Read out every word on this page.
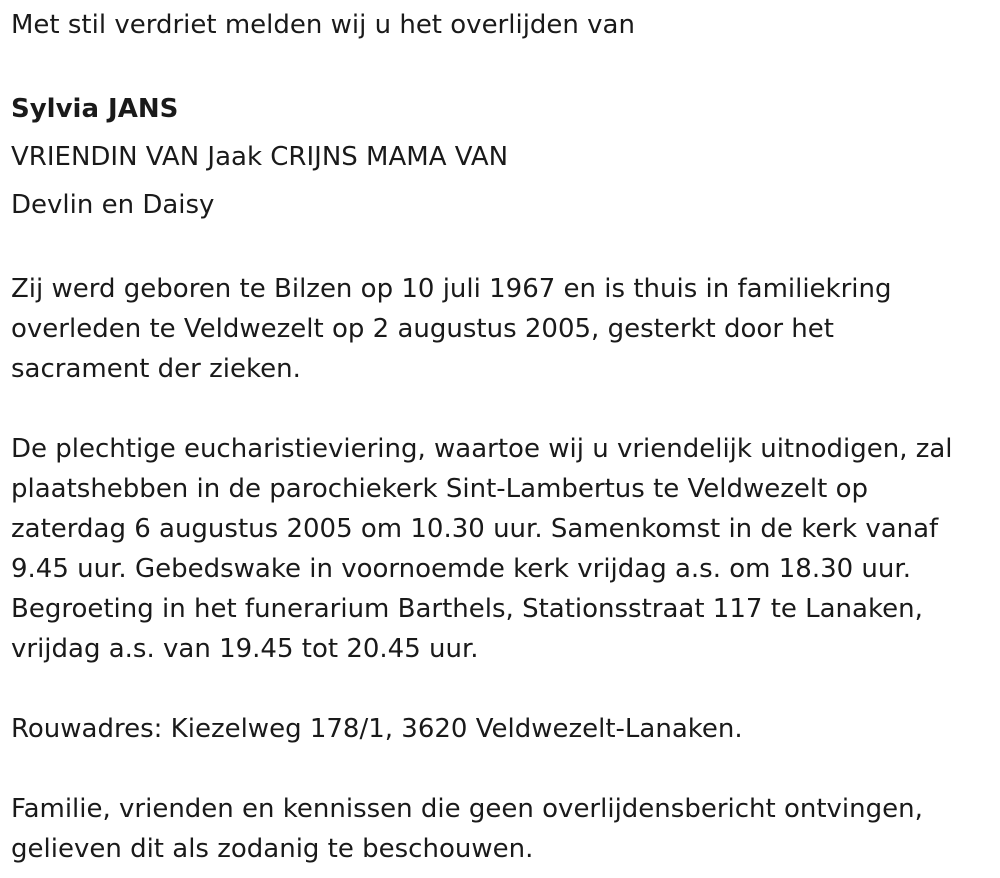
Met stil verdriet melden wij u het overlijden van

Sylvia JANS

VRIENDIN VAN Jaak CRIJNS MAMA VAN

Devlin en Daisy

Zij werd geboren te Bilzen op 10 juli 1967 en is thuis in familiekring

overleden te Veldwezelt op 2 augustus 2005, gesterkt door het

sacrament der zieken.

De plechtige eucharistieviering, waartoe wij u vriendelijk uitnodigen, zal

plaatshebben in de parochiekerk Sint-Lambertus te Veldwezelt op

zaterdag 6 augustus 2005 om 10.30 uur. Samenkomst in de kerk vanaf

9.45 uur. Gebedswake in voornoemde kerk vrijdag a.s. om 18.30 uur.

Begroeting in het funerarium Barthels, Stationsstraat 117 te Lanaken,

vrijdag a.s. van 19.45 tot 20.45 uur.

Rouwadres: Kiezelweg 178/1, 3620 Veldwezelt-Lanaken.

Familie, vrienden en kennissen die geen overlijdensbericht ontvingen,

gelieven dit als zodanig te beschouwen.
